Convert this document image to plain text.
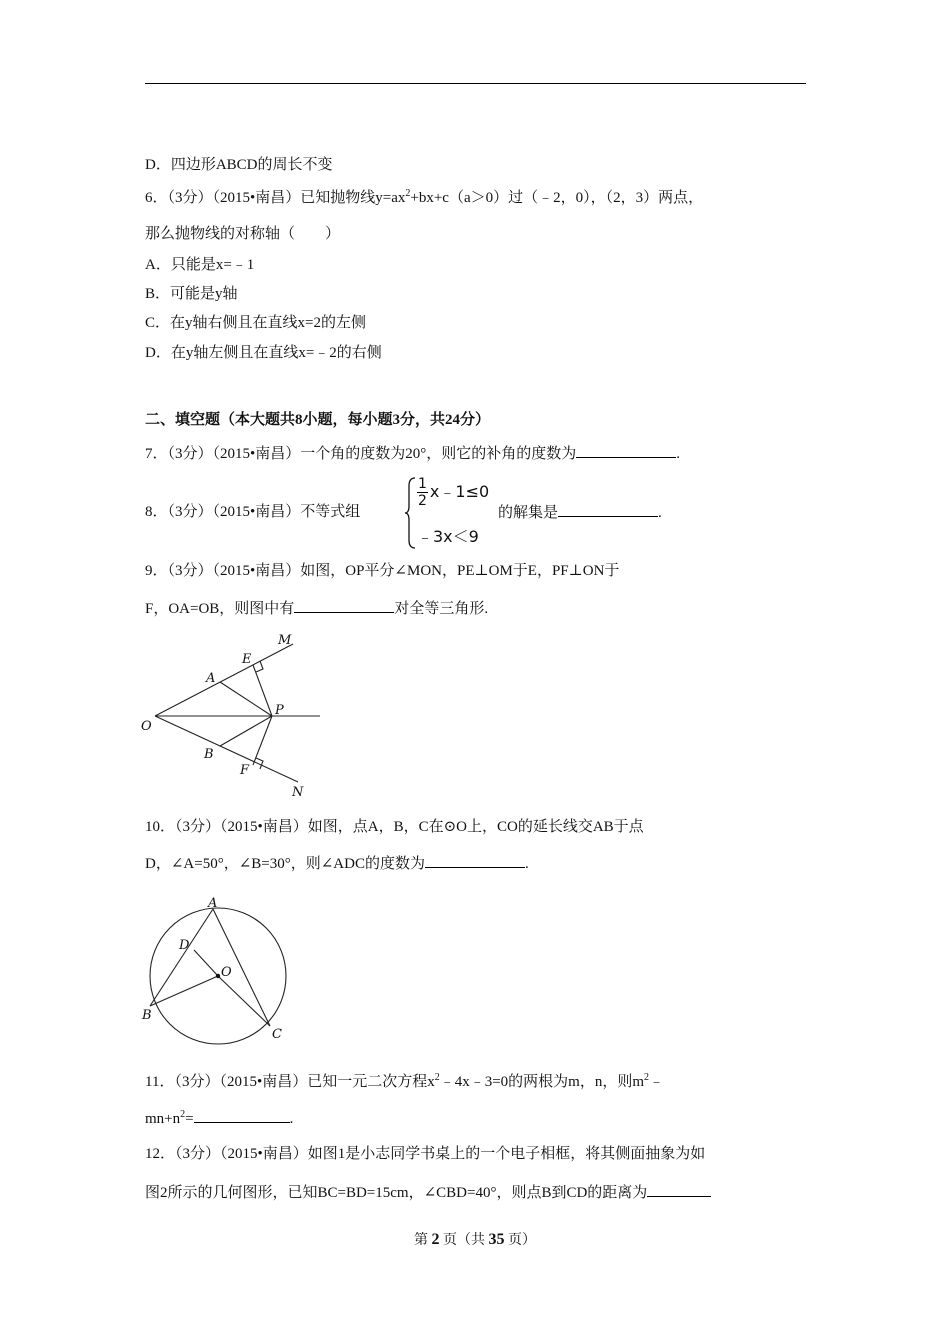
D．四边形ABCD的周长不变
6．（3分）（2015•南昌）已知抛物线$y=ax^2+bx+c(a>0)$过（﹣2，0），（2，3）两点，
那么抛物线的对称轴（　　）
A．只能是x=﹣1
B．可能是y轴
C．在y轴右侧且在直线x=2的左侧
D．在y轴左侧且在直线x=﹣2的右侧
二、填空题（本大题共8小题，每小题3分，共24分）
7．（3分）（2015•南昌）一个角的度数为20°，则它的补角的度数为	.
8．（3分）（2015•南昌）不等式组
$\frac{1}{2}$ x﹣1≤0
﹣3x＜9
的解集是	.
9．（3分）（2015•南昌）如图，OP平分∠MON，PE⊥OM于E，PF⊥ON于
F，OA=OB，则图中有	对全等三角形.
M
E
A
P
O
B
F
N
10．（3分）（2015•南昌）如图，点A，B，C在⊙O上，CO的延长线交AB于点
D，∠A=50°，∠B=30°，则∠ADC的度数为	.
A
D
O
B
C
11．（3分）（2015•南昌）已知一元二次方程$x^2﹣4x﹣3=0$的两根为m，n，则$m^2﹣$
$mn+n^2=$	.
12．（3分）（2015•南昌）如图1是小志同学书桌上的一个电子相框，将其侧面抽象为如
图2所示的几何图形，已知BC=BD=15cm，∠CBD=40°，则点B到CD的距离为
第 2 页（共 35 页）
